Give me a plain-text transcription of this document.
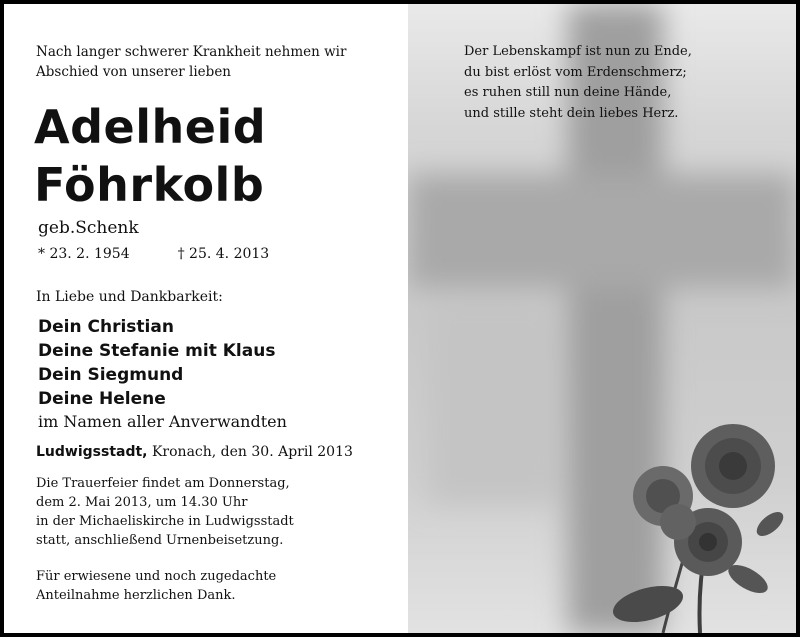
Nach langer schwerer Krankheit nehmen wir
Abschied von unserer lieben

Adelheid
Föhrkolb
geb.Schenk
* 23. 2. 1954	† 25. 4. 2013
In Liebe und Dankbarkeit:
Dein Christian
Deine Stefanie mit Klaus
Dein Siegmund
Deine Helene
im Namen aller Anverwandten
Ludwigsstadt, Kronach, den 30. April 2013

Die Trauerfeier findet am Donnerstag,
dem 2. Mai 2013, um 14.30 Uhr
in der Michaeliskirche in Ludwigsstadt
statt, anschließend Urnenbeisetzung.

Für erwiesene und noch zugedachte
Anteilnahme herzlichen Dank.

Der Lebenskampf ist nun zu Ende,
du bist erlöst vom Erdenschmerz;
es ruhen still nun deine Hände,
und stille steht dein liebes Herz.
